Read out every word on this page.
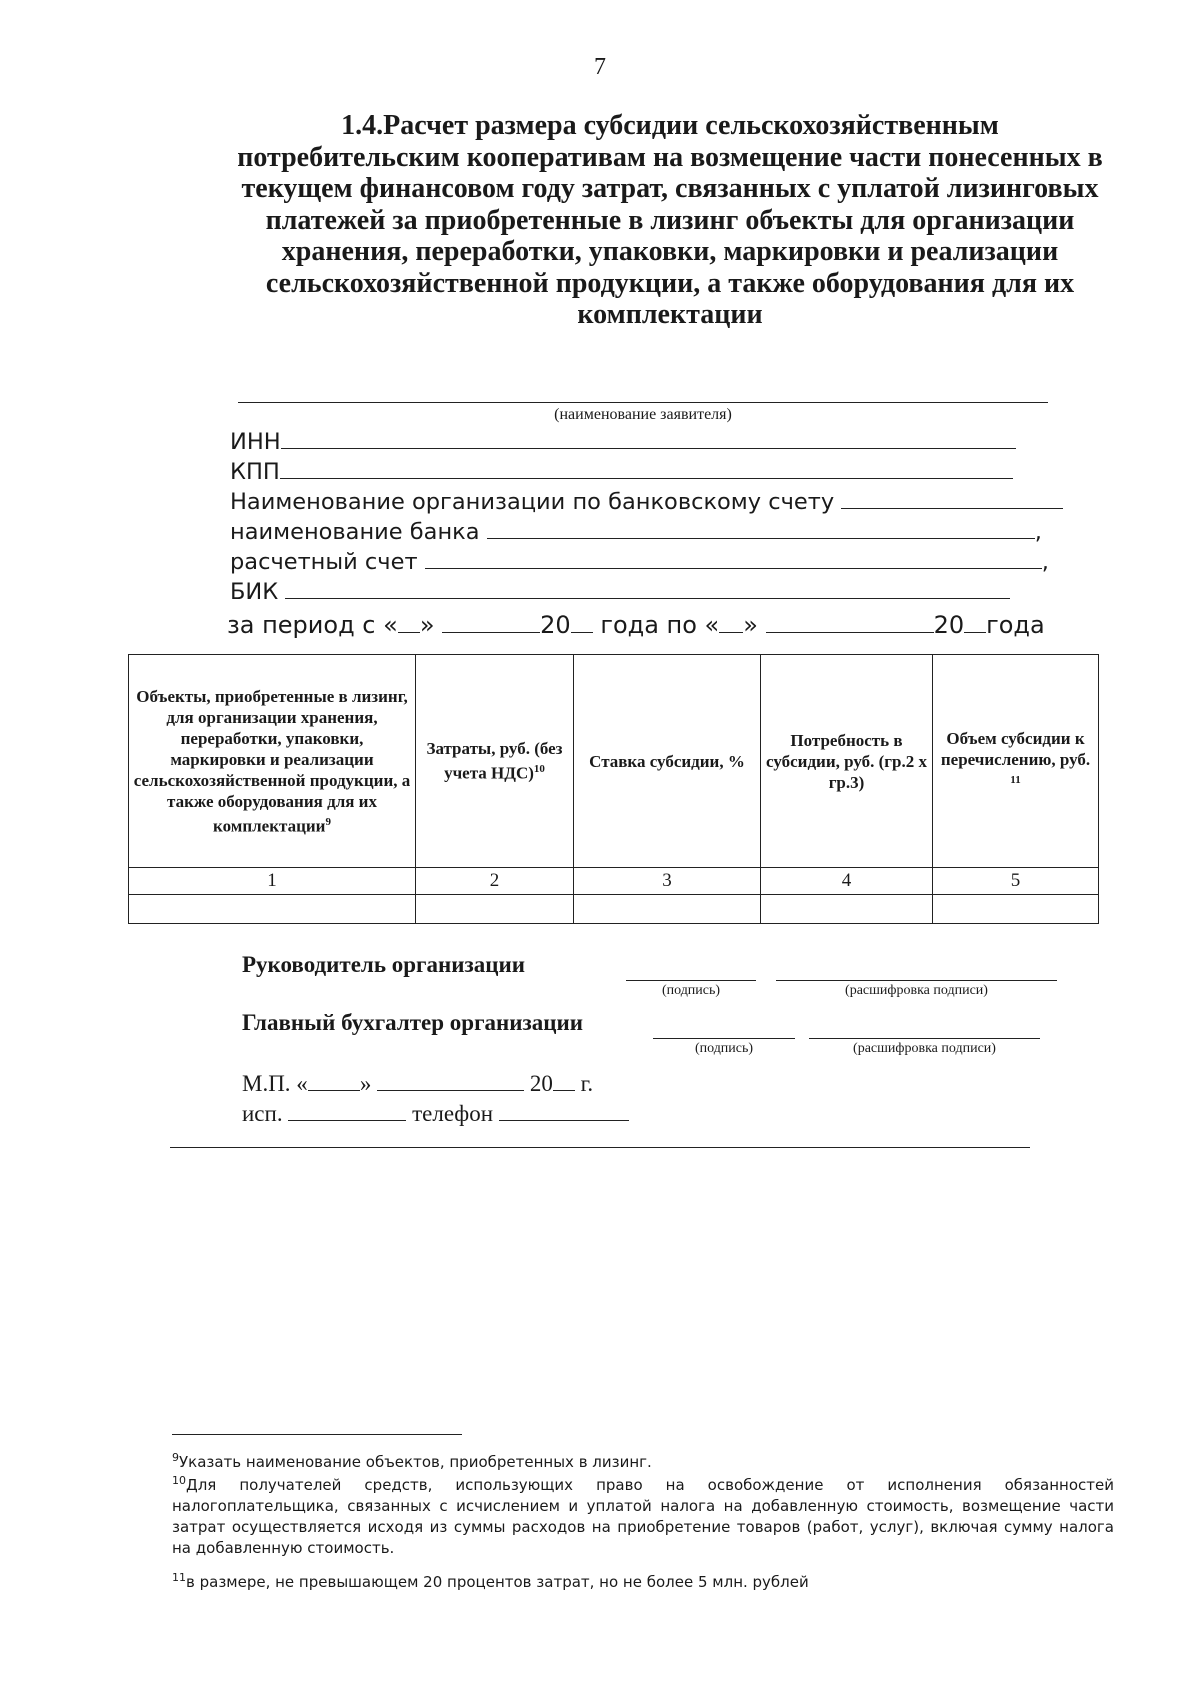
7
1.4.Расчет размера субсидии сельскохозяйственным потребительским кооперативам на возмещение части понесенных в текущем финансовом году затрат, связанных с уплатой лизинговых платежей за приобретенные в лизинг объекты для организации хранения, переработки, упаковки, маркировки и реализации сельскохозяйственной продукции, а также оборудования для их комплектации
(наименование заявителя)
ИНН
КПП
Наименование организации по банковскому счету
наименование банка	,
расчетный счет	,
БИК
за период с « »	20 года по « »	20 года
Объекты, приобретенные в лизинг, для организации хранения, переработки, упаковки, маркировки и реализации сельскохозяйственной продукции, а также оборудования для их комплектации$^9$	Затраты, руб. (без учета НДС)$^{10}$	Ставка субсидии, %	Потребность в субсидии, руб. (гр.2 х гр.3)	Объем субсидии к перечислению, руб. $^{11}$
1	2	3	4	5

Руководитель организации
(подпись)	(расшифровка подписи)
Главный бухгалтер организации
(подпись)	(расшифровка подписи)
М.П. « »	20 г.
исп.	телефон
$^9$Указать наименование объектов, приобретенных в лизинг.
$^{10}$Для получателей средств, использующих право на освобождение от исполнения обязанностей налогоплательщика, связанных с исчислением и уплатой налога на добавленную стоимость, возмещение части затрат осуществляется исходя из суммы расходов на приобретение товаров (работ, услуг), включая сумму налога на добавленную стоимость.
$^{11}$в размере, не превышающем 20 процентов затрат, но не более 5 млн. рублей
